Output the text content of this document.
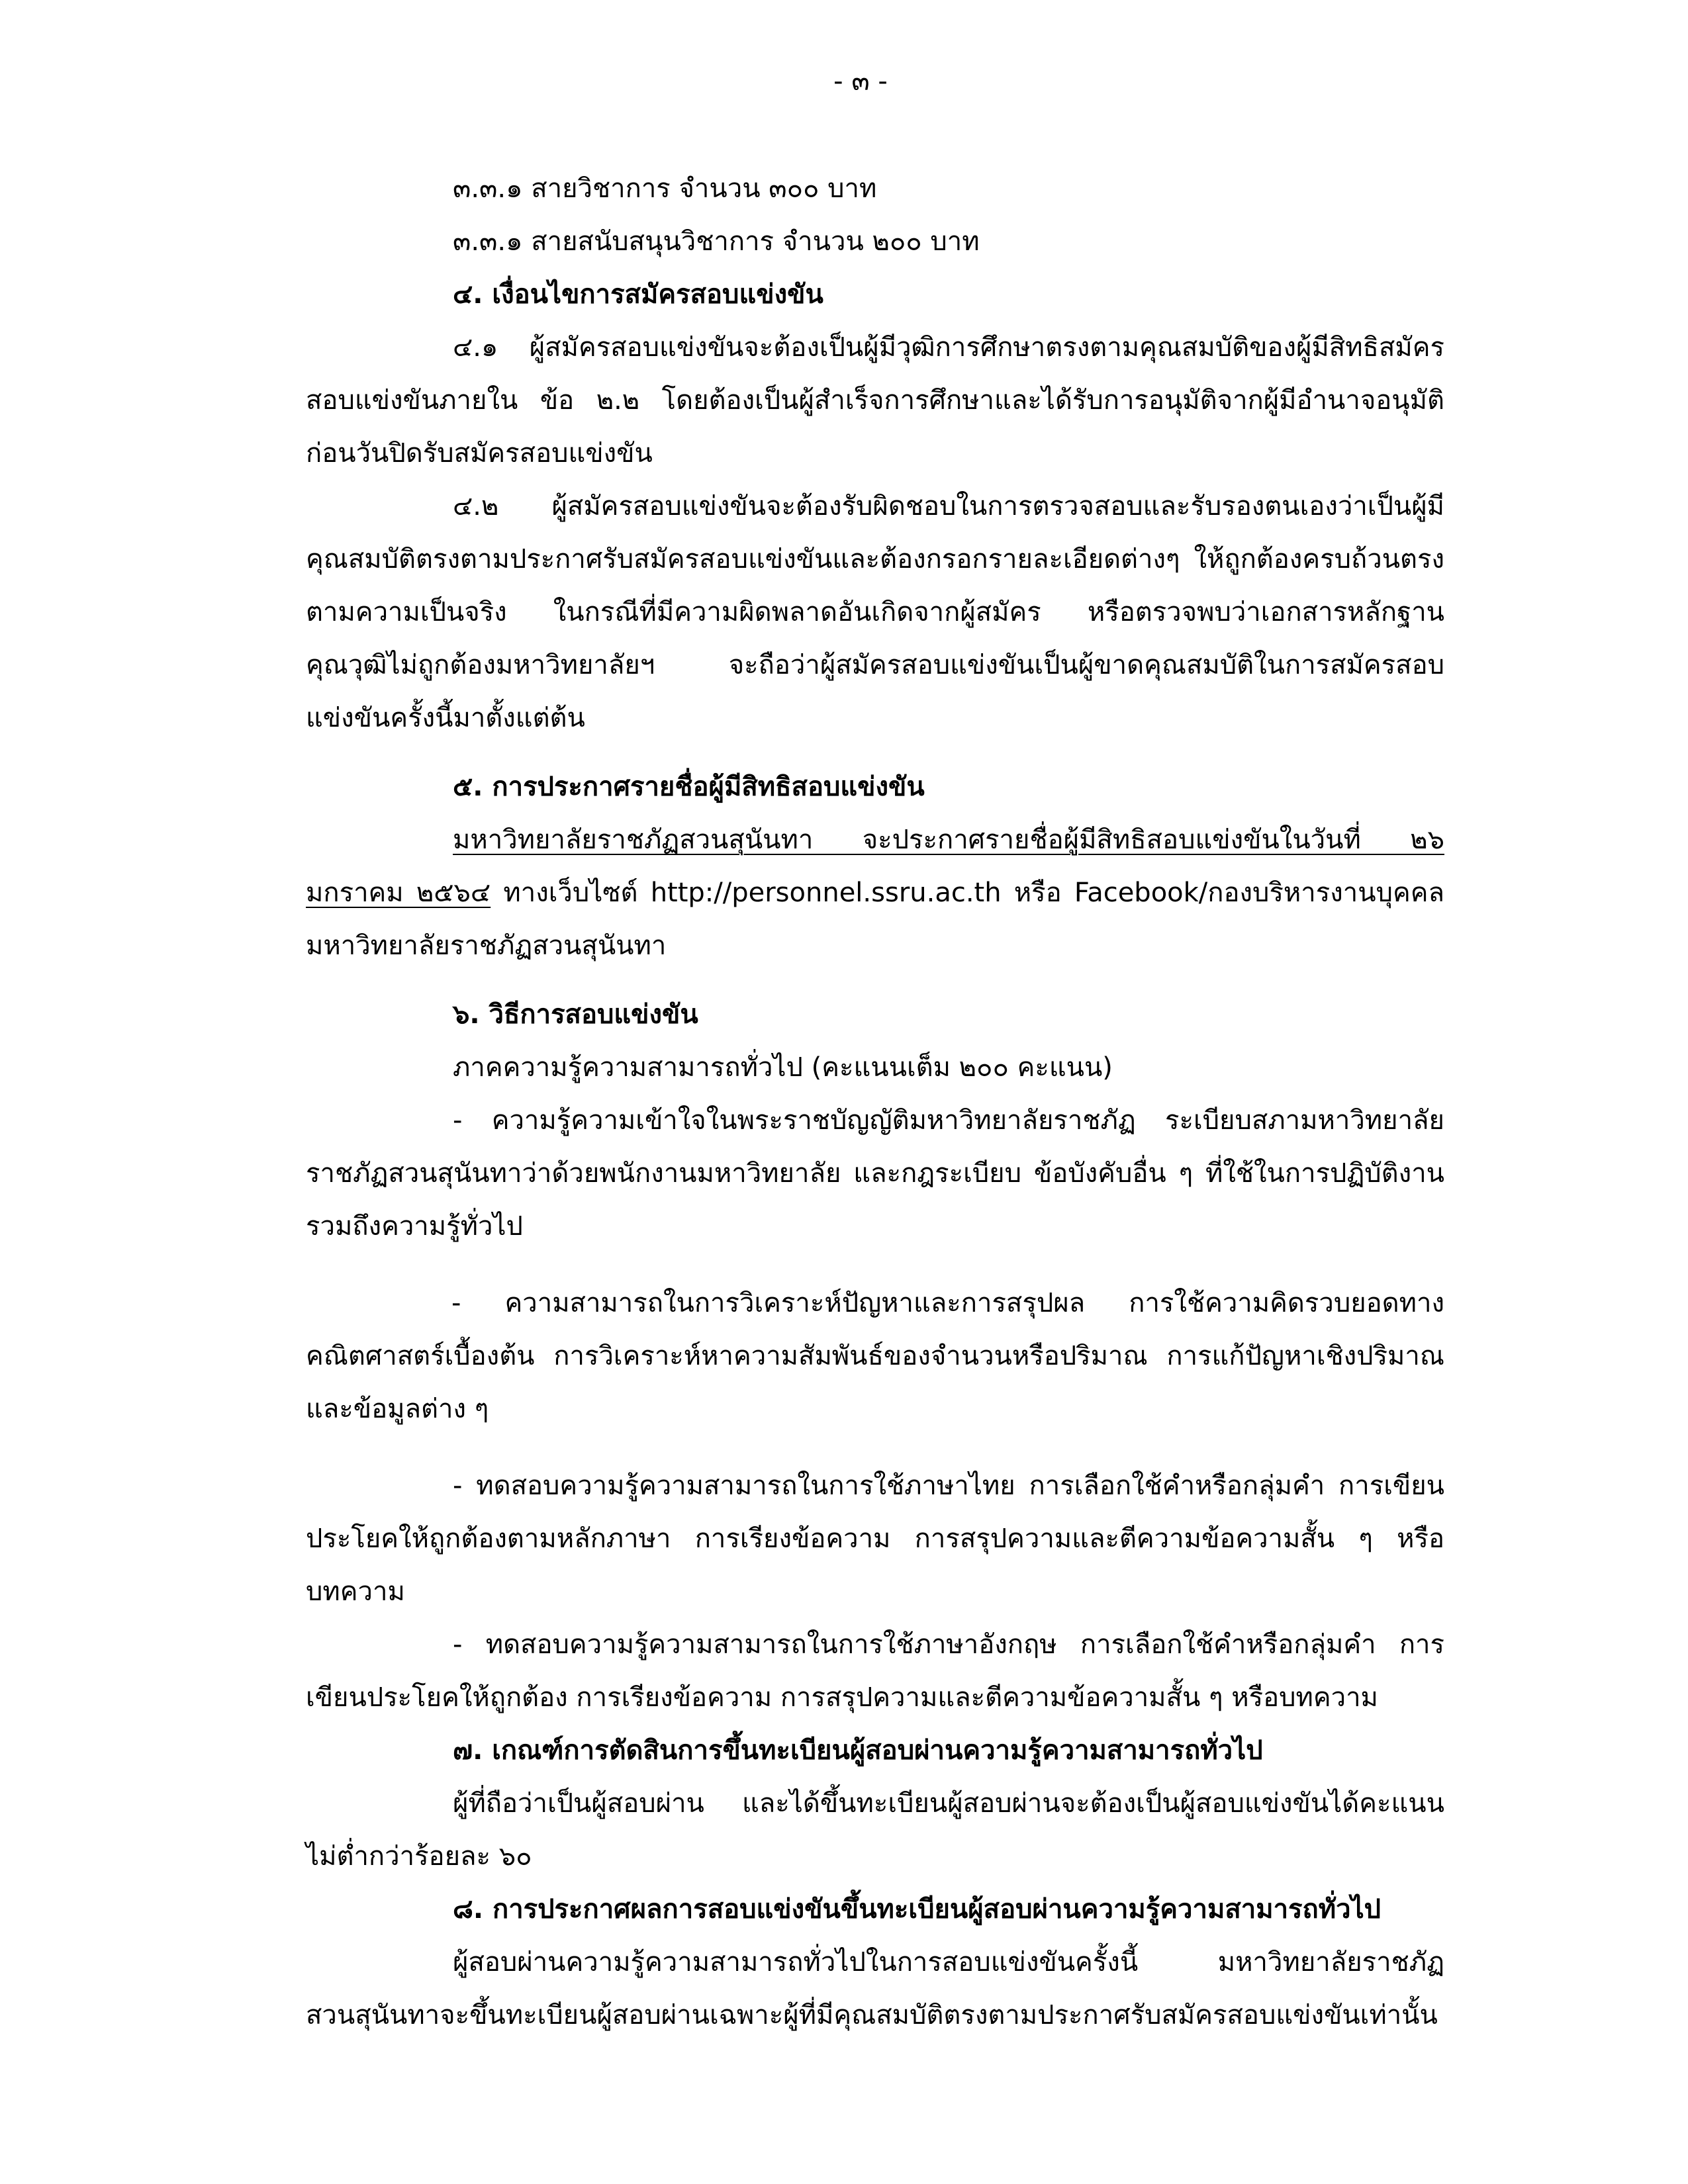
- ๓ -

๓.๓.๑ สายวิชาการ จำนวน ๓๐๐ บาท

๓.๓.๑ สายสนับสนุนวิชาการ จำนวน ๒๐๐ บาท

๔. เงื่อนไขการสมัครสอบแข่งขัน

๔.๑ ผู้สมัครสอบแข่งขันจะต้องเป็นผู้มีวุฒิการศึกษาตรงตามคุณสมบัติของผู้มีสิทธิสมัครสอบแข่งขันภายใน ข้อ ๒.๒ โดยต้องเป็นผู้สำเร็จการศึกษาและได้รับการอนุมัติจากผู้มีอำนาจอนุมัติ ก่อนวันปิดรับสมัครสอบแข่งขัน

๔.๒ ผู้สมัครสอบแข่งขันจะต้องรับผิดชอบในการตรวจสอบและรับรองตนเองว่าเป็นผู้มีคุณสมบัติตรงตามประกาศรับสมัครสอบแข่งขันและต้องกรอกรายละเอียดต่างๆ ให้ถูกต้องครบถ้วนตรงตามความเป็นจริง ในกรณีที่มีความผิดพลาดอันเกิดจากผู้สมัคร หรือตรวจพบว่าเอกสารหลักฐานคุณวุฒิไม่ถูกต้องมหาวิทยาลัยฯ จะถือว่าผู้สมัครสอบแข่งขันเป็นผู้ขาดคุณสมบัติในการสมัครสอบแข่งขันครั้งนี้มาตั้งแต่ต้น

๕. การประกาศรายชื่อผู้มีสิทธิสอบแข่งขัน

มหาวิทยาลัยราชภัฏสวนสุนันทา จะประกาศรายชื่อผู้มีสิทธิสอบแข่งขันในวันที่ ๒๖ มกราคม ๒๕๖๔ ทางเว็บไซต์ http://personnel.ssru.ac.th หรือ Facebook/กองบริหารงานบุคคล มหาวิทยาลัยราชภัฏสวนสุนันทา

๖. วิธีการสอบแข่งขัน

ภาคความรู้ความสามารถทั่วไป (คะแนนเต็ม ๒๐๐ คะแนน)

- ความรู้ความเข้าใจในพระราชบัญญัติมหาวิทยาลัยราชภัฏ ระเบียบสภามหาวิทยาลัยราชภัฏสวนสุนันทาว่าด้วยพนักงานมหาวิทยาลัย และกฎระเบียบ ข้อบังคับอื่น ๆ ที่ใช้ในการปฏิบัติงาน รวมถึงความรู้ทั่วไป

- ความสามารถในการวิเคราะห์ปัญหาและการสรุปผล การใช้ความคิดรวบยอดทางคณิตศาสตร์เบื้องต้น การวิเคราะห์หาความสัมพันธ์ของจำนวนหรือปริมาณ การแก้ปัญหาเชิงปริมาณและข้อมูลต่าง ๆ

- ทดสอบความรู้ความสามารถในการใช้ภาษาไทย การเลือกใช้คำหรือกลุ่มคำ การเขียนประโยคให้ถูกต้องตามหลักภาษา การเรียงข้อความ การสรุปความและตีความข้อความสั้น ๆ หรือบทความ

- ทดสอบความรู้ความสามารถในการใช้ภาษาอังกฤษ การเลือกใช้คำหรือกลุ่มคำ การเขียนประโยคให้ถูกต้อง การเรียงข้อความ การสรุปความและตีความข้อความสั้น ๆ หรือบทความ

๗. เกณฑ์การตัดสินการขึ้นทะเบียนผู้สอบผ่านความรู้ความสามารถทั่วไป

ผู้ที่ถือว่าเป็นผู้สอบผ่าน และได้ขึ้นทะเบียนผู้สอบผ่านจะต้องเป็นผู้สอบแข่งขันได้คะแนนไม่ต่ำกว่าร้อยละ ๖๐

๘. การประกาศผลการสอบแข่งขันขึ้นทะเบียนผู้สอบผ่านความรู้ความสามารถทั่วไป

ผู้สอบผ่านความรู้ความสามารถทั่วไปในการสอบแข่งขันครั้งนี้ มหาวิทยาลัยราชภัฏสวนสุนันทาจะขึ้นทะเบียนผู้สอบผ่านเฉพาะผู้ที่มีคุณสมบัติตรงตามประกาศรับสมัครสอบแข่งขันเท่านั้น
